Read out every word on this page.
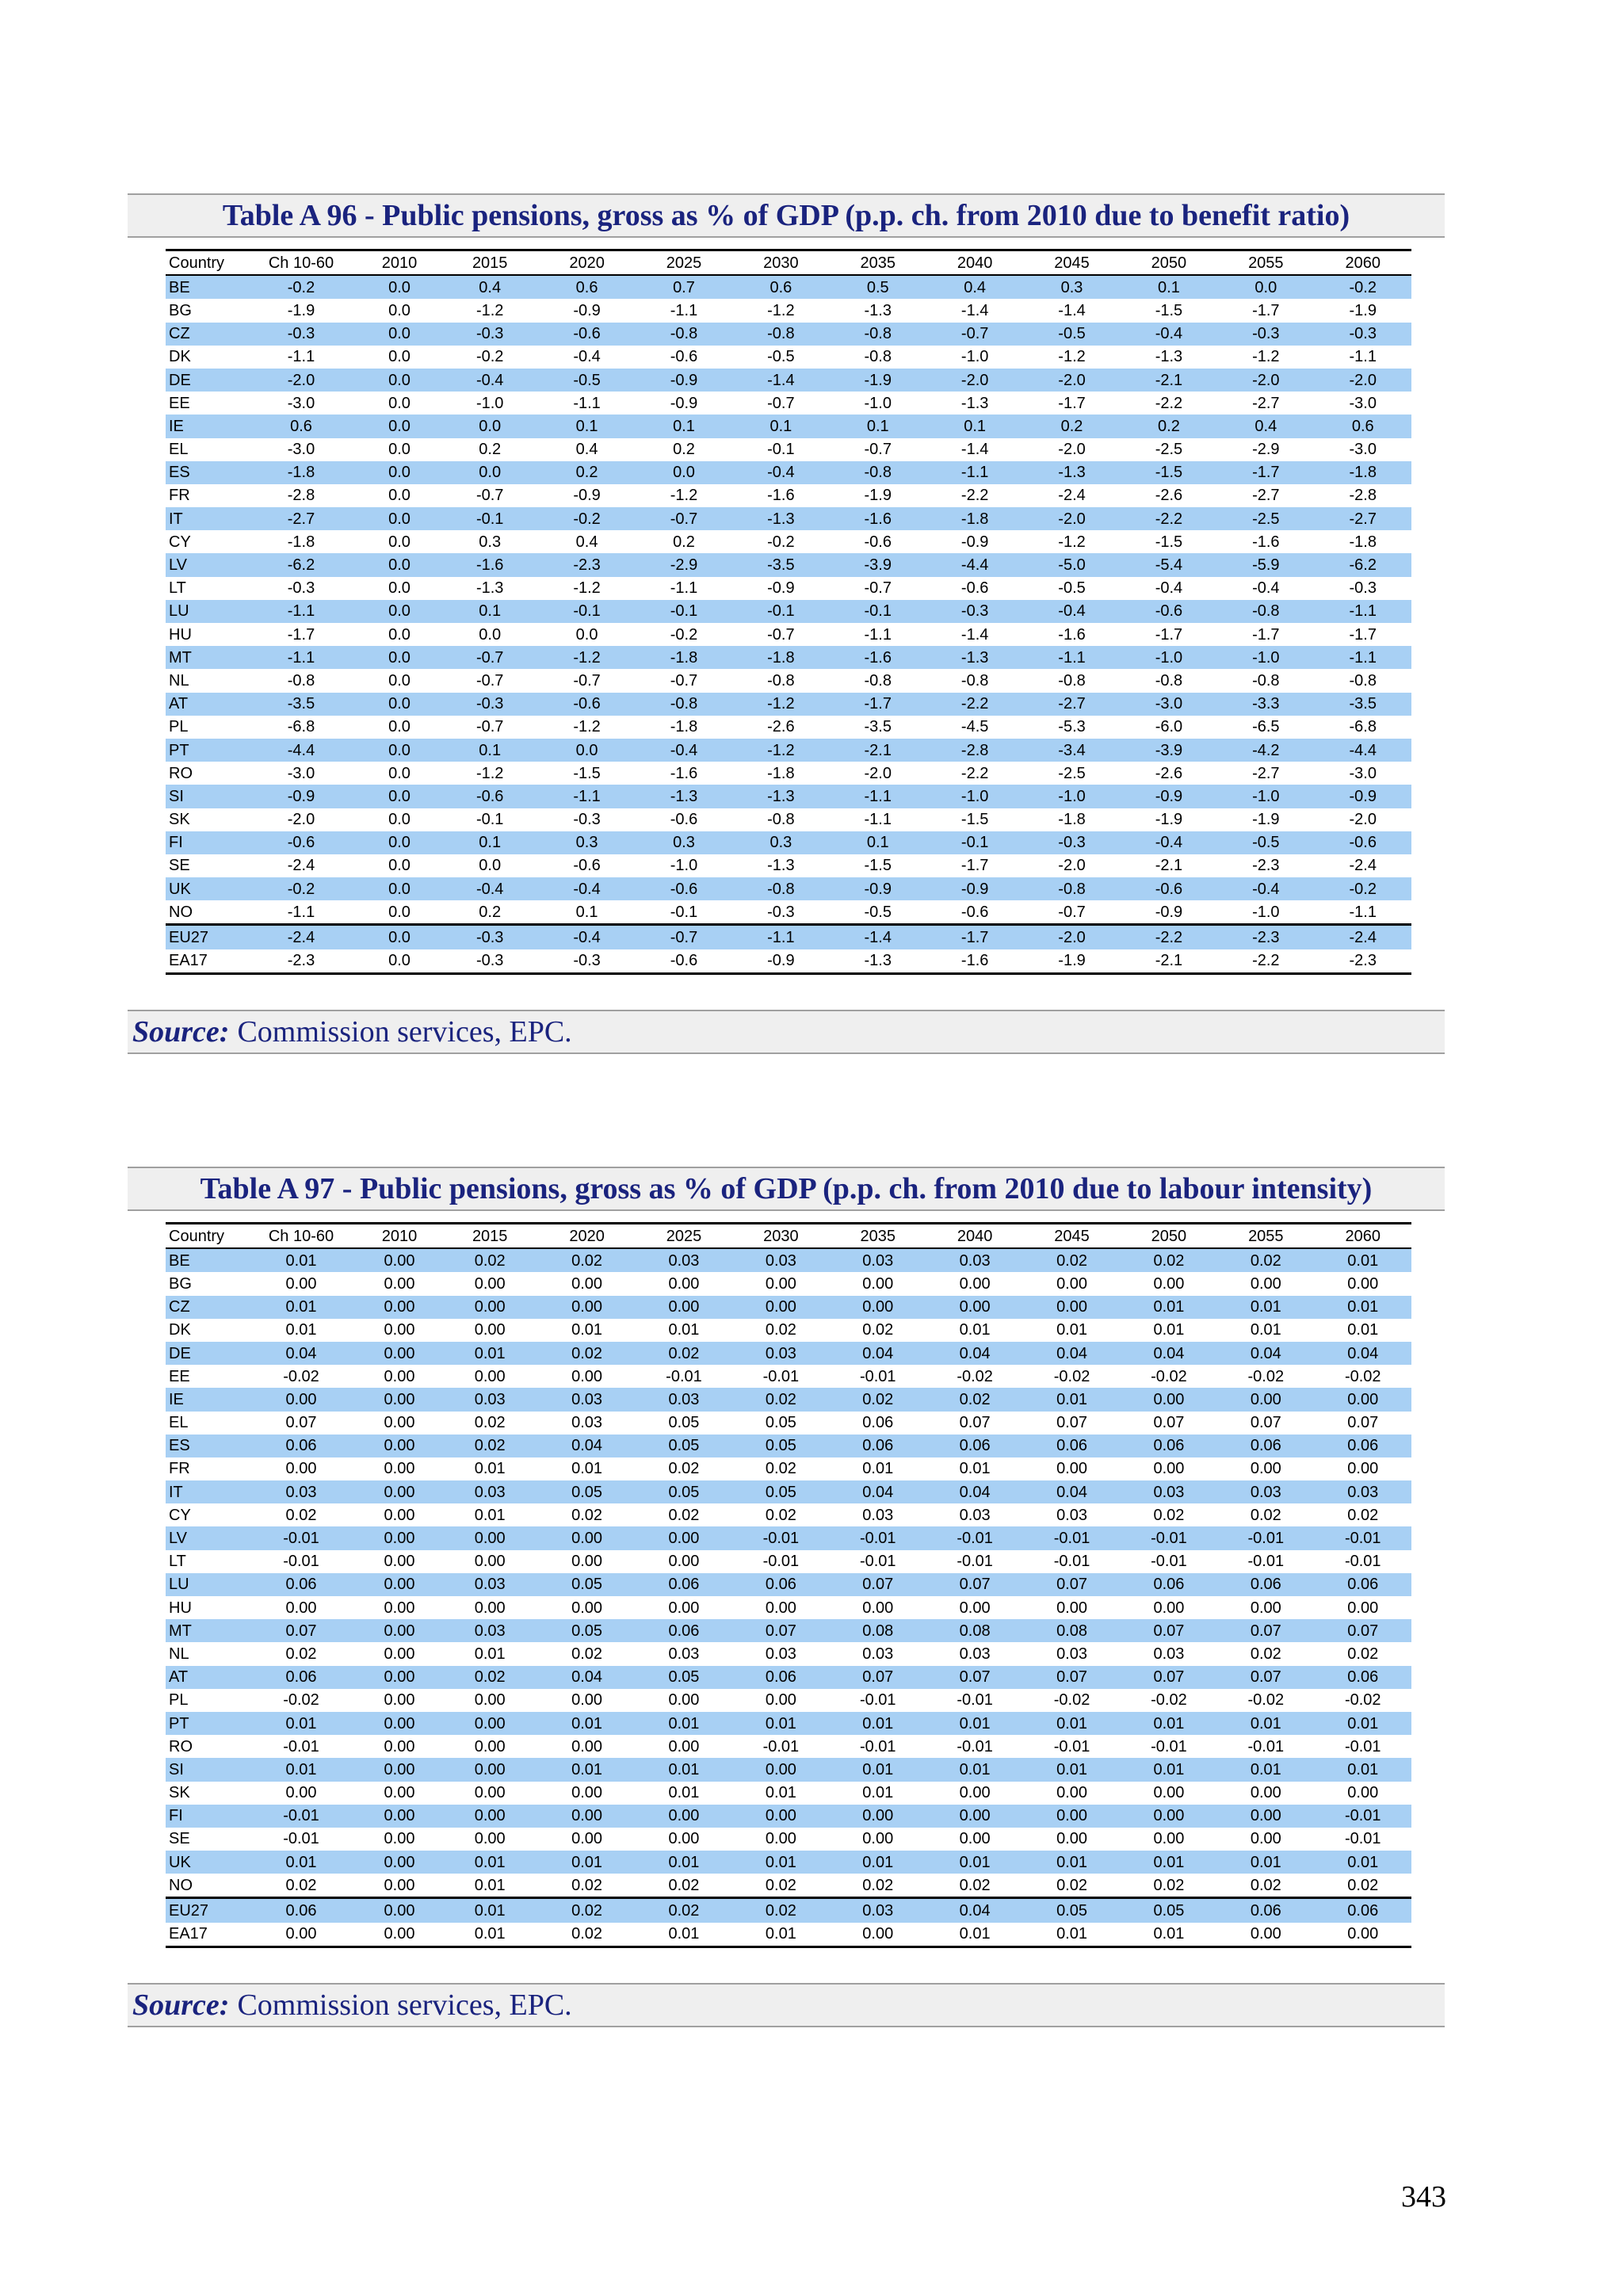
Table A 96 - Public pensions, gross as % of GDP (p.p. ch. from 2010 due to benefit ratio)
Country	Ch 10-60	2010	2015	2020	2025	2030	2035	2040	2045	2050	2055	2060
BE	-0.2	0.0	0.4	0.6	0.7	0.6	0.5	0.4	0.3	0.1	0.0	-0.2
BG	-1.9	0.0	-1.2	-0.9	-1.1	-1.2	-1.3	-1.4	-1.4	-1.5	-1.7	-1.9
CZ	-0.3	0.0	-0.3	-0.6	-0.8	-0.8	-0.8	-0.7	-0.5	-0.4	-0.3	-0.3
DK	-1.1	0.0	-0.2	-0.4	-0.6	-0.5	-0.8	-1.0	-1.2	-1.3	-1.2	-1.1
DE	-2.0	0.0	-0.4	-0.5	-0.9	-1.4	-1.9	-2.0	-2.0	-2.1	-2.0	-2.0
EE	-3.0	0.0	-1.0	-1.1	-0.9	-0.7	-1.0	-1.3	-1.7	-2.2	-2.7	-3.0
IE	0.6	0.0	0.0	0.1	0.1	0.1	0.1	0.1	0.2	0.2	0.4	0.6
EL	-3.0	0.0	0.2	0.4	0.2	-0.1	-0.7	-1.4	-2.0	-2.5	-2.9	-3.0
ES	-1.8	0.0	0.0	0.2	0.0	-0.4	-0.8	-1.1	-1.3	-1.5	-1.7	-1.8
FR	-2.8	0.0	-0.7	-0.9	-1.2	-1.6	-1.9	-2.2	-2.4	-2.6	-2.7	-2.8
IT	-2.7	0.0	-0.1	-0.2	-0.7	-1.3	-1.6	-1.8	-2.0	-2.2	-2.5	-2.7
CY	-1.8	0.0	0.3	0.4	0.2	-0.2	-0.6	-0.9	-1.2	-1.5	-1.6	-1.8
LV	-6.2	0.0	-1.6	-2.3	-2.9	-3.5	-3.9	-4.4	-5.0	-5.4	-5.9	-6.2
LT	-0.3	0.0	-1.3	-1.2	-1.1	-0.9	-0.7	-0.6	-0.5	-0.4	-0.4	-0.3
LU	-1.1	0.0	0.1	-0.1	-0.1	-0.1	-0.1	-0.3	-0.4	-0.6	-0.8	-1.1
HU	-1.7	0.0	0.0	0.0	-0.2	-0.7	-1.1	-1.4	-1.6	-1.7	-1.7	-1.7
MT	-1.1	0.0	-0.7	-1.2	-1.8	-1.8	-1.6	-1.3	-1.1	-1.0	-1.0	-1.1
NL	-0.8	0.0	-0.7	-0.7	-0.7	-0.8	-0.8	-0.8	-0.8	-0.8	-0.8	-0.8
AT	-3.5	0.0	-0.3	-0.6	-0.8	-1.2	-1.7	-2.2	-2.7	-3.0	-3.3	-3.5
PL	-6.8	0.0	-0.7	-1.2	-1.8	-2.6	-3.5	-4.5	-5.3	-6.0	-6.5	-6.8
PT	-4.4	0.0	0.1	0.0	-0.4	-1.2	-2.1	-2.8	-3.4	-3.9	-4.2	-4.4
RO	-3.0	0.0	-1.2	-1.5	-1.6	-1.8	-2.0	-2.2	-2.5	-2.6	-2.7	-3.0
SI	-0.9	0.0	-0.6	-1.1	-1.3	-1.3	-1.1	-1.0	-1.0	-0.9	-1.0	-0.9
SK	-2.0	0.0	-0.1	-0.3	-0.6	-0.8	-1.1	-1.5	-1.8	-1.9	-1.9	-2.0
FI	-0.6	0.0	0.1	0.3	0.3	0.3	0.1	-0.1	-0.3	-0.4	-0.5	-0.6
SE	-2.4	0.0	0.0	-0.6	-1.0	-1.3	-1.5	-1.7	-2.0	-2.1	-2.3	-2.4
UK	-0.2	0.0	-0.4	-0.4	-0.6	-0.8	-0.9	-0.9	-0.8	-0.6	-0.4	-0.2
NO	-1.1	0.0	0.2	0.1	-0.1	-0.3	-0.5	-0.6	-0.7	-0.9	-1.0	-1.1
EU27	-2.4	0.0	-0.3	-0.4	-0.7	-1.1	-1.4	-1.7	-2.0	-2.2	-2.3	-2.4
EA17	-2.3	0.0	-0.3	-0.3	-0.6	-0.9	-1.3	-1.6	-1.9	-2.1	-2.2	-2.3
Source: Commission services, EPC.
Table A 97 - Public pensions, gross as % of GDP (p.p. ch. from 2010 due to labour intensity)
Country	Ch 10-60	2010	2015	2020	2025	2030	2035	2040	2045	2050	2055	2060
BE	0.01	0.00	0.02	0.02	0.03	0.03	0.03	0.03	0.02	0.02	0.02	0.01
BG	0.00	0.00	0.00	0.00	0.00	0.00	0.00	0.00	0.00	0.00	0.00	0.00
CZ	0.01	0.00	0.00	0.00	0.00	0.00	0.00	0.00	0.00	0.01	0.01	0.01
DK	0.01	0.00	0.00	0.01	0.01	0.02	0.02	0.01	0.01	0.01	0.01	0.01
DE	0.04	0.00	0.01	0.02	0.02	0.03	0.04	0.04	0.04	0.04	0.04	0.04
EE	-0.02	0.00	0.00	0.00	-0.01	-0.01	-0.01	-0.02	-0.02	-0.02	-0.02	-0.02
IE	0.00	0.00	0.03	0.03	0.03	0.02	0.02	0.02	0.01	0.00	0.00	0.00
EL	0.07	0.00	0.02	0.03	0.05	0.05	0.06	0.07	0.07	0.07	0.07	0.07
ES	0.06	0.00	0.02	0.04	0.05	0.05	0.06	0.06	0.06	0.06	0.06	0.06
FR	0.00	0.00	0.01	0.01	0.02	0.02	0.01	0.01	0.00	0.00	0.00	0.00
IT	0.03	0.00	0.03	0.05	0.05	0.05	0.04	0.04	0.04	0.03	0.03	0.03
CY	0.02	0.00	0.01	0.02	0.02	0.02	0.03	0.03	0.03	0.02	0.02	0.02
LV	-0.01	0.00	0.00	0.00	0.00	-0.01	-0.01	-0.01	-0.01	-0.01	-0.01	-0.01
LT	-0.01	0.00	0.00	0.00	0.00	-0.01	-0.01	-0.01	-0.01	-0.01	-0.01	-0.01
LU	0.06	0.00	0.03	0.05	0.06	0.06	0.07	0.07	0.07	0.06	0.06	0.06
HU	0.00	0.00	0.00	0.00	0.00	0.00	0.00	0.00	0.00	0.00	0.00	0.00
MT	0.07	0.00	0.03	0.05	0.06	0.07	0.08	0.08	0.08	0.07	0.07	0.07
NL	0.02	0.00	0.01	0.02	0.03	0.03	0.03	0.03	0.03	0.03	0.02	0.02
AT	0.06	0.00	0.02	0.04	0.05	0.06	0.07	0.07	0.07	0.07	0.07	0.06
PL	-0.02	0.00	0.00	0.00	0.00	0.00	-0.01	-0.01	-0.02	-0.02	-0.02	-0.02
PT	0.01	0.00	0.00	0.01	0.01	0.01	0.01	0.01	0.01	0.01	0.01	0.01
RO	-0.01	0.00	0.00	0.00	0.00	-0.01	-0.01	-0.01	-0.01	-0.01	-0.01	-0.01
SI	0.01	0.00	0.00	0.01	0.01	0.00	0.01	0.01	0.01	0.01	0.01	0.01
SK	0.00	0.00	0.00	0.00	0.01	0.01	0.01	0.00	0.00	0.00	0.00	0.00
FI	-0.01	0.00	0.00	0.00	0.00	0.00	0.00	0.00	0.00	0.00	0.00	-0.01
SE	-0.01	0.00	0.00	0.00	0.00	0.00	0.00	0.00	0.00	0.00	0.00	-0.01
UK	0.01	0.00	0.01	0.01	0.01	0.01	0.01	0.01	0.01	0.01	0.01	0.01
NO	0.02	0.00	0.01	0.02	0.02	0.02	0.02	0.02	0.02	0.02	0.02	0.02
EU27	0.06	0.00	0.01	0.02	0.02	0.02	0.03	0.04	0.05	0.05	0.06	0.06
EA17	0.00	0.00	0.01	0.02	0.01	0.01	0.00	0.01	0.01	0.01	0.00	0.00
Source: Commission services, EPC.
343
